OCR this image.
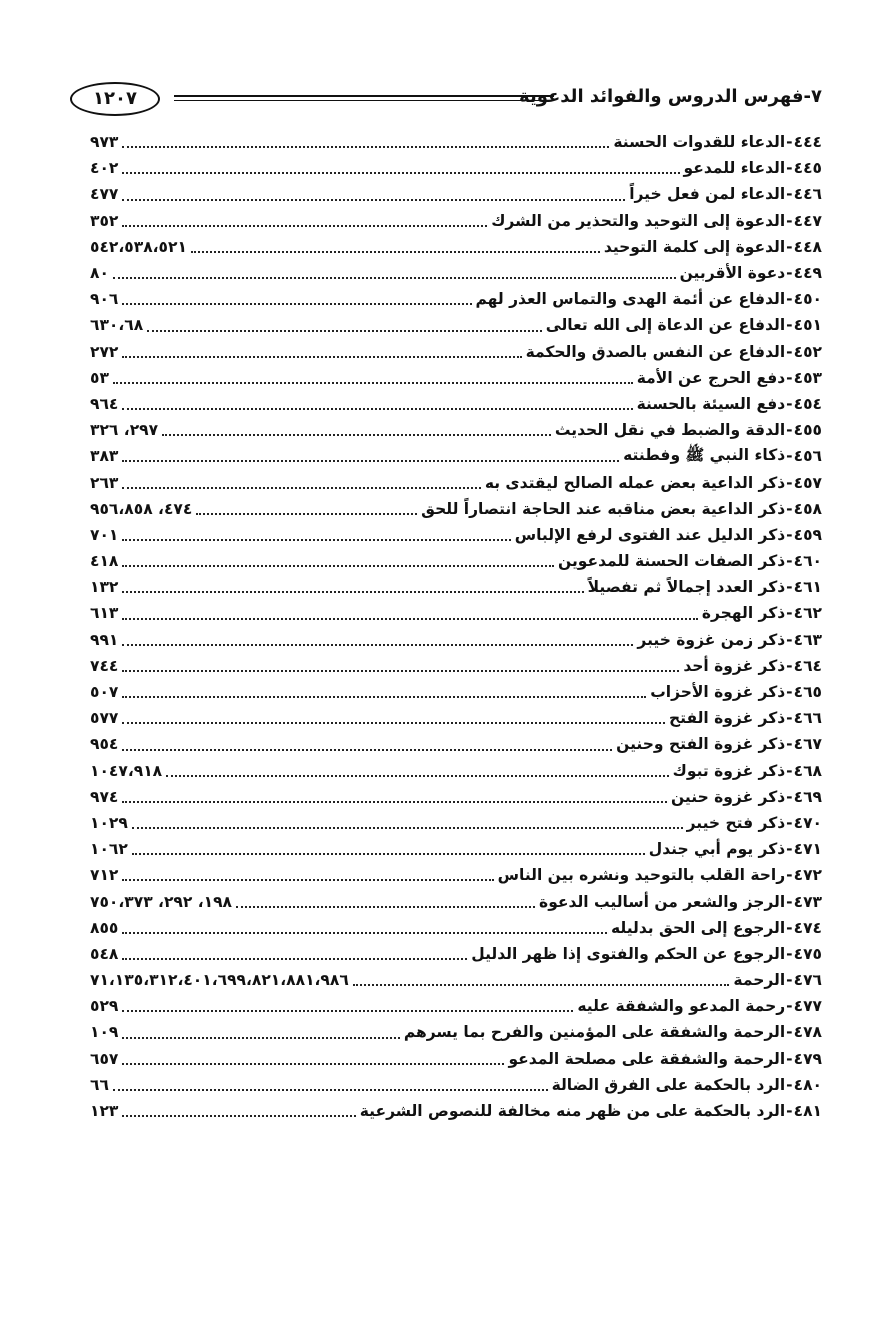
٧-فهرس الدروس والفوائد الدعوية
١٢٠٧
٤٤٤
-
الدعاء للقدوات الحسنة
٩٧٣
٤٤٥
-
الدعاء للمدعو
٤٠٢
٤٤٦
-
الدعاء لمن فعل خيراً
٤٧٧
٤٤٧
-
الدعوة إلى التوحيد والتحذير من الشرك
٣٥٢
٤٤٨
-
الدعوة إلى كلمة التوحيد
٥٤٢،٥٣٨،٥٢١
٤٤٩
-
دعوة الأقربين
٨٠
٤٥٠
-
الدفاع عن أئمة الهدى والتماس العذر لهم
٩٠٦
٤٥١
-
الدفاع عن الدعاة إلى الله تعالى
٦٣٠،٦٨
٤٥٢
-
الدفاع عن النفس بالصدق والحكمة
٢٧٢
٤٥٣
-
دفع الحرج عن الأمة
٥٣
٤٥٤
-
دفع السيئة بالحسنة
٩٦٤
٤٥٥
-
الدقة والضبط في نقل الحديث
٢٩٧، ٣٢٦
٤٥٦
-
ذكاء النبي ﷺ وفطنته
٣٨٣
٤٥٧
-
ذكر الداعية بعض عمله الصالح ليقتدى به
٢٦٣
٤٥٨
-
ذكر الداعية بعض مناقبه عند الحاجة انتصاراً للحق
٤٧٤، ٩٥٦،٨٥٨
٤٥٩
-
ذكر الدليل عند الفتوى لرفع الإلباس
٧٠١
٤٦٠
-
ذكر الصفات الحسنة للمدعوين
٤١٨
٤٦١
-
ذكر العدد إجمالاً ثم تفصيلاً
١٣٢
٤٦٢
-
ذكر الهجرة
٦١٣
٤٦٣
-
ذكر زمن غزوة خيبر
٩٩١
٤٦٤
-
ذكر غزوة أحد
٧٤٤
٤٦٥
-
ذكر غزوة الأحزاب
٥٠٧
٤٦٦
-
ذكر غزوة الفتح
٥٧٧
٤٦٧
-
ذكر غزوة الفتح وحنين
٩٥٤
٤٦٨
-
ذكر غزوة تبوك
١٠٤٧،٩١٨
٤٦٩
-
ذكر غزوة حنين
٩٧٤
٤٧٠
-
ذكر فتح خيبر
١٠٢٩
٤٧١
-
ذكر يوم أبي جندل
١٠٦٢
٤٧٢
-
راحة القلب بالتوحيد ونشره بين الناس
٧١٢
٤٧٣
-
الرجز والشعر من أساليب الدعوة
١٩٨، ٢٩٢، ٧٥٠،٣٧٣
٤٧٤
-
الرجوع إلى الحق بدليله
٨٥٥
٤٧٥
-
الرجوع عن الحكم والفتوى إذا ظهر الدليل
٥٤٨
٤٧٦
-
الرحمة
٧١،١٣٥،٣١٢،٤٠١،٦٩٩،٨٢١،٨٨١،٩٨٦
٤٧٧
-
رحمة المدعو والشفقة عليه
٥٢٩
٤٧٨
-
الرحمة والشفقة على المؤمنين والفرح بما يسرهم
١٠٩
٤٧٩
-
الرحمة والشفقة على مصلحة المدعو
٦٥٧
٤٨٠
-
الرد بالحكمة على الفرق الضالة
٦٦
٤٨١
-
الرد بالحكمة على من ظهر منه مخالفة للنصوص الشرعية
١٢٣
